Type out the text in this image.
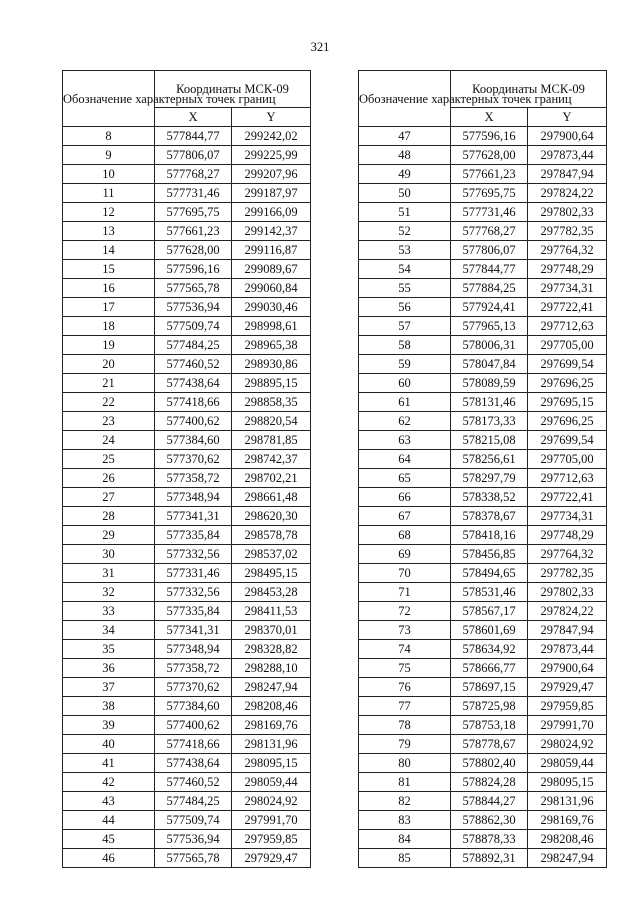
321
Обозначение характерных точек границ	Координаты МСК-09	
	X	Y
8	577844,77	299242,02
9	577806,07	299225,99
10	577768,27	299207,96
11	577731,46	299187,97
12	577695,75	299166,09
13	577661,23	299142,37
14	577628,00	299116,87
15	577596,16	299089,67
16	577565,78	299060,84
17	577536,94	299030,46
18	577509,74	298998,61
19	577484,25	298965,38
20	577460,52	298930,86
21	577438,64	298895,15
22	577418,66	298858,35
23	577400,62	298820,54
24	577384,60	298781,85
25	577370,62	298742,37
26	577358,72	298702,21
27	577348,94	298661,48
28	577341,31	298620,30
29	577335,84	298578,78
30	577332,56	298537,02
31	577331,46	298495,15
32	577332,56	298453,28
33	577335,84	298411,53
34	577341,31	298370,01
35	577348,94	298328,82
36	577358,72	298288,10
37	577370,62	298247,94
38	577384,60	298208,46
39	577400,62	298169,76
40	577418,66	298131,96
41	577438,64	298095,15
42	577460,52	298059,44
43	577484,25	298024,92
44	577509,74	297991,70
45	577536,94	297959,85
46	577565,78	297929,47
Обозначение характерных точек границ	Координаты МСК-09	
	X	Y
47	577596,16	297900,64
48	577628,00	297873,44
49	577661,23	297847,94
50	577695,75	297824,22
51	577731,46	297802,33
52	577768,27	297782,35
53	577806,07	297764,32
54	577844,77	297748,29
55	577884,25	297734,31
56	577924,41	297722,41
57	577965,13	297712,63
58	578006,31	297705,00
59	578047,84	297699,54
60	578089,59	297696,25
61	578131,46	297695,15
62	578173,33	297696,25
63	578215,08	297699,54
64	578256,61	297705,00
65	578297,79	297712,63
66	578338,52	297722,41
67	578378,67	297734,31
68	578418,16	297748,29
69	578456,85	297764,32
70	578494,65	297782,35
71	578531,46	297802,33
72	578567,17	297824,22
73	578601,69	297847,94
74	578634,92	297873,44
75	578666,77	297900,64
76	578697,15	297929,47
77	578725,98	297959,85
78	578753,18	297991,70
79	578778,67	298024,92
80	578802,40	298059,44
81	578824,28	298095,15
82	578844,27	298131,96
83	578862,30	298169,76
84	578878,33	298208,46
85	578892,31	298247,94
